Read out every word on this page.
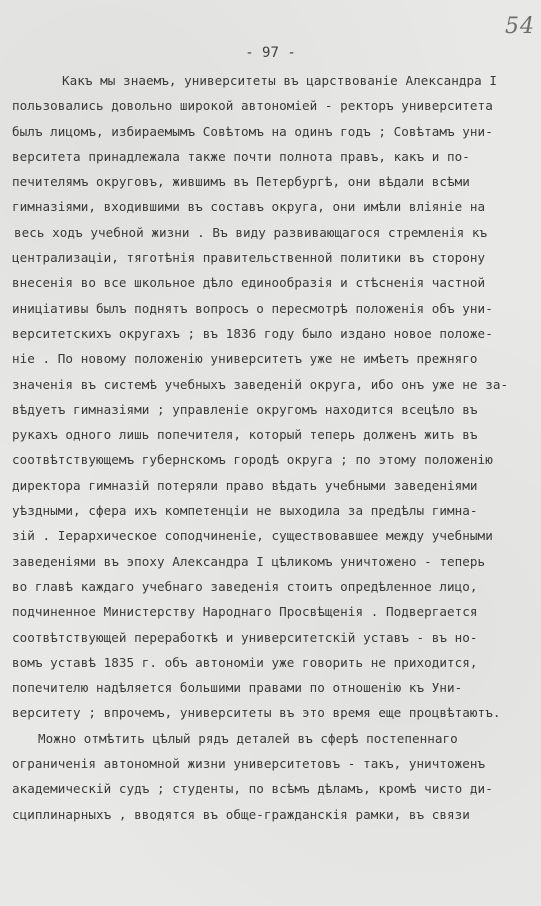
54
- 97 -
Какъ мы знаемъ, университеты въ царствованіе Александра I
пользовались довольно широкой автономіей - ректоръ университета
былъ лицомъ, избираемымъ Совѣтомъ на одинъ годъ ; Совѣтамъ уни-
верситета принадлежала также почти полнота правъ, какъ и по-
печителямъ округовъ, жившимъ въ Петербургѣ, они вѣдали всѣми
гимназіями, входившими въ составъ округа, они имѣли вліяніе на
весь ходъ учебной жизни . Въ виду развивающагося стремленія къ
централизаціи, тяготѣнія правительственной политики въ сторону
внесенія во все школьное дѣло единообразія и стѣсненія частной
иниціативы былъ поднятъ вопросъ о пересмотрѣ положенія объ уни-
верситетскихъ округахъ ; въ 1836 году было издано новое положе-
ніе . По новому положенію университетъ уже не имѣетъ прежняго
значенія въ системѣ учебныхъ заведеній округа, ибо онъ уже не за-
вѣдуетъ гимназіями ; управленіе округомъ находится всецѣло въ
рукахъ одного лишь попечителя, который теперь долженъ жить въ
соотвѣтствующемъ губернскомъ городѣ округа ; по этому положенію
директора гимназій потеряли право вѣдать учебными заведеніями
уѣздными, сфера ихъ компетенціи не выходила за предѣлы гимна-
зій . Іерархическое соподчиненіе, существовавшее между учебными
заведеніями въ эпоху Александра I цѣликомъ уничтожено - теперь
во главѣ каждаго учебнаго заведенія стоитъ опредѣленное лицо,
подчиненное Министерству Народнаго Просвѣщенія . Подвергается
соотвѣтствующей переработкѣ и университетскій уставъ - въ но-
вомъ уставѣ 1835 г. объ автономіи уже говорить не приходится,
попечителю надѣляется большими правами по отношенію къ Уни-
верситету ; впрочемъ, университеты въ это время еще процвѣтаютъ.
Можно отмѣтить цѣлый рядъ деталей въ сферѣ постепеннаго
ограниченія автономной жизни университетовъ - такъ, уничтоженъ
академическій судъ ; студенты, по всѣмъ дѣламъ, кромѣ чисто ди-
сциплинарныхъ , вводятся въ обще-гражданскія рамки, въ связи
